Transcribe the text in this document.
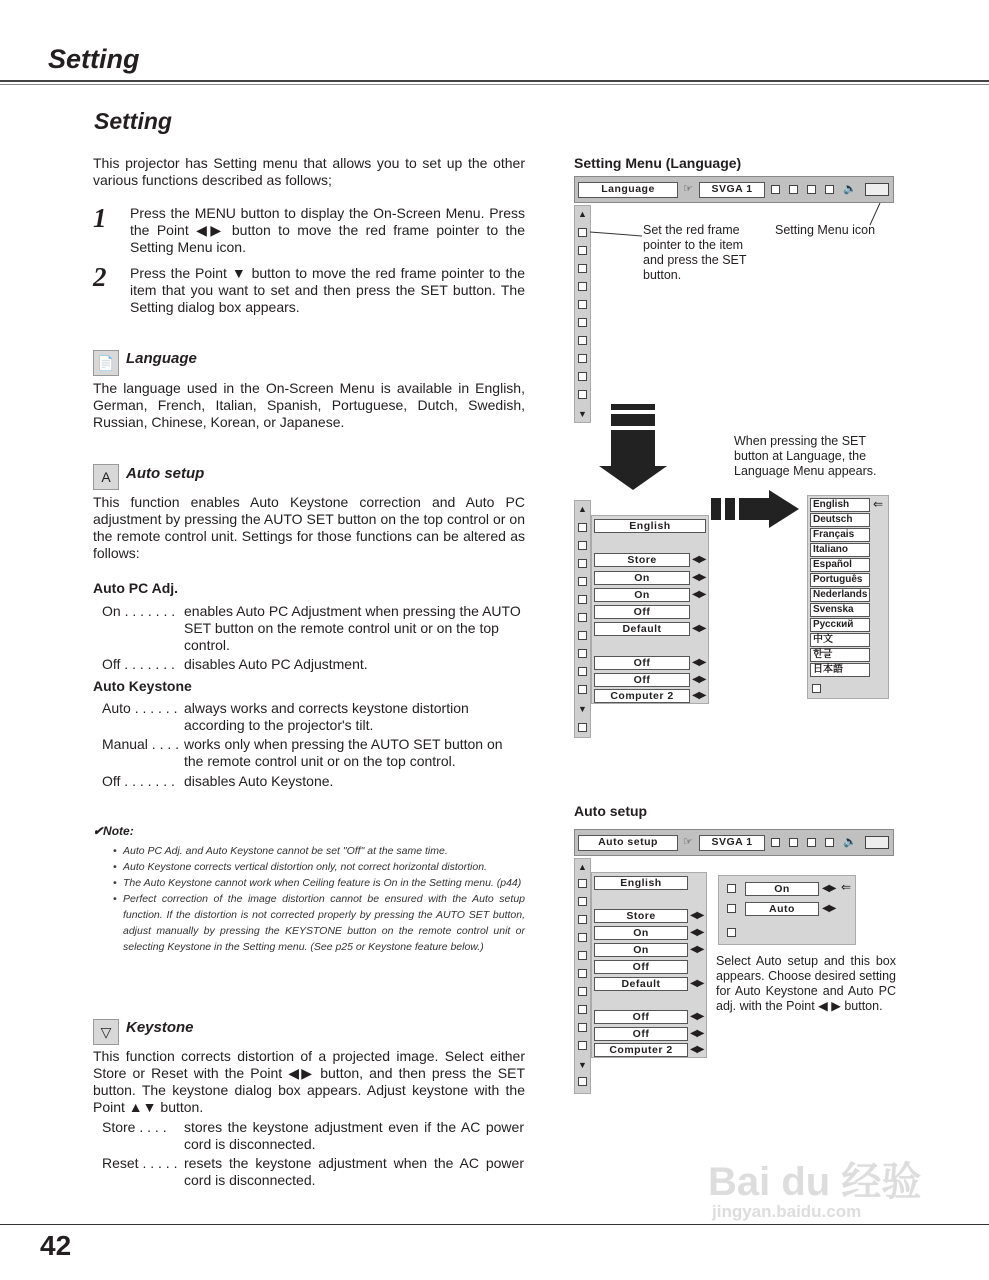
Setting
Setting
This projector has Setting menu that allows you to set up the other various functions described as follows;
1 Press the MENU button to display the On-Screen Menu. Press the Point ◀▶ button to move the red frame pointer to the Setting Menu icon.
2 Press the Point ▼ button to move the red frame pointer to the item that you want to set and then press the SET button. The Setting dialog box appears.
📄 Language
The language used in the On-Screen Menu is available in English, German, French, Italian, Spanish, Portuguese, Dutch, Swedish, Russian, Chinese, Korean, or Japanese.
A	Auto setup
This function enables Auto Keystone correction and Auto PC adjustment by pressing the AUTO SET button on the top control or on the remote control unit. Settings for those functions can be altered as follows:
Auto PC Adj.
On . . . . . . . enables Auto PC Adjustment when pressing the AUTO SET button on the remote control unit or on the top control.
Off . . . . . . . disables Auto PC Adjustment.
Auto Keystone
Auto . . . . . . always works and corrects keystone distortion according to the projector's tilt.
Manual . . . . works only when pressing the AUTO SET button on the remote control unit or on the top control.
Off . . . . . . . disables Auto Keystone.
✔Note:
• Auto PC Adj. and Auto Keystone cannot be set "Off" at the same time.
• Auto Keystone corrects vertical distortion only, not correct horizontal distortion.
• The Auto Keystone cannot work when Ceiling feature is On in the Setting menu. (p44)
• Perfect correction of the image distortion cannot be ensured with the Auto setup function. If the distortion is not corrected properly by pressing the AUTO SET button, adjust manually by pressing the KEYSTONE button on the remote control unit or selecting Keystone in the Setting menu. (See p25 or Keystone feature below.)
▽ Keystone
This function corrects distortion of a projected image. Select either Store or Reset with the Point ◀▶ button, and then press the SET button. The keystone dialog box appears. Adjust keystone with the Point ▲▼ button.
Store . . . .	stores the keystone adjustment even if the AC power cord is disconnected.
Reset . . . . . resets the keystone adjustment when the AC power cord is disconnected.
Setting Menu (Language)
Language	☞	SVGA 1	🔈
▲
▼
Set the red frame pointer to the item and press the SET button.
Setting Menu icon
When pressing the SET button at Language, the Language Menu appears.
▲
▼
English
Store	◀▶
On	◀▶
On	◀▶
Off
Default	◀▶
Off	◀▶
Off	◀▶
Computer 2	◀▶
English	⇐
Deutsch
Français
Italiano
Español
Português
Nederlands
Svenska
Pусский
中文
한글
日本語
Auto setup
Auto setup	☞	SVGA 1	🔈
▲
▼
English
Store	◀▶
On	◀▶
On	◀▶
Off
Default	◀▶
Off	◀▶
Off	◀▶
Computer 2	◀▶
On	◀▶ ⇐
Auto	◀▶
Select Auto setup and this box appears. Choose desired setting for Auto Keystone and Auto PC adj. with the Point ◀ ▶ button.
Bai du 经验
jingyan.baidu.com
42
